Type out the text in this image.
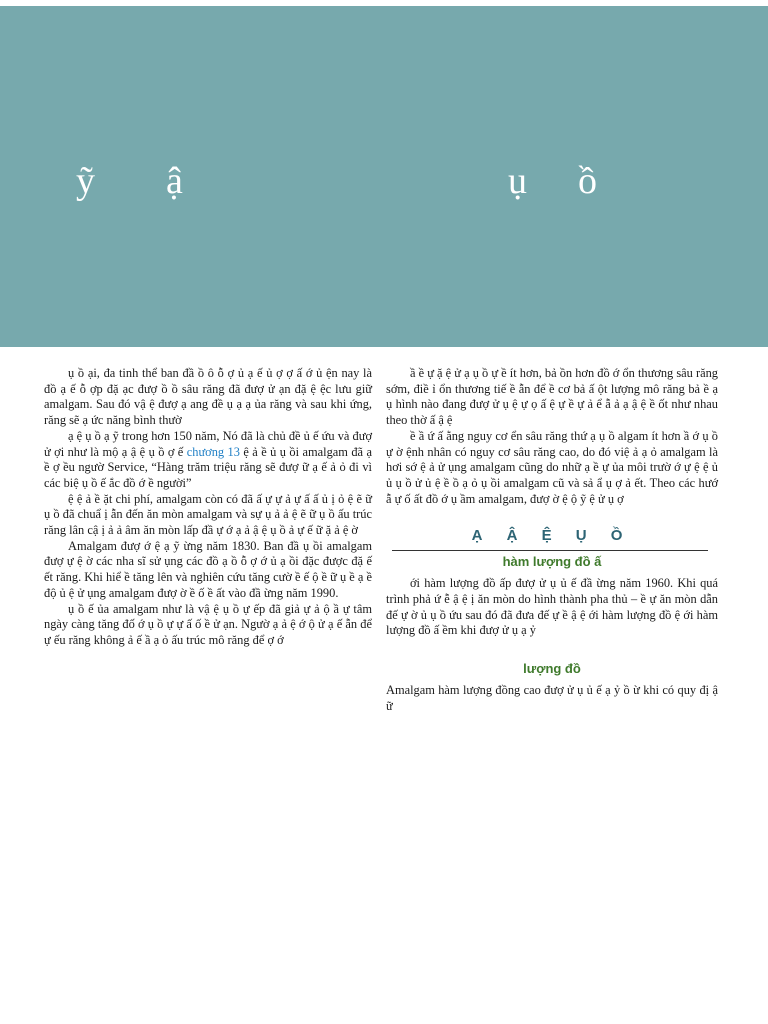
ỹ ậ	ụ ồ

ụ ồ ại, đa tinh thể ban đầ ồ ô ỗ ợ ủ ạ ế ủ ợ ợ ấ ớ ủ ện nay là đồ ạ ế ỗ ợp đặ ạc đượ ồ ồ sâu răng đã đượ ử ạn đặ ệ ệc lưu giữ amalgam. Sau đó vậ ệ đượ ạ ang đề ụ ạ ạ ủa răng và sau khi ứng, răng sẽ ạ ức năng bình thườ

ạ ệ ụ ồ ạ ỹ trong hơn 150 năm, Nó đã là chủ đề ủ ế ứu và đượ ử ợi như là mộ ạ ậ ệ ụ ồ ợ ế chương 13 ệ ả ề ủ ụ ồi amalgam đã ạ ề ợ ều ngườ Service, “Hàng trăm triệu răng sẽ đượ ữ ạ ế ả ỏ đi vì các biệ ụ ồ ế ắc đồ ớ ề người”

ệ ệ ả ề ặt chi phí, amalgam còn có đã ấ ự ự ả ự ấ ấ ủ ị ỏ ệ ẽ ữ ụ ồ đã chuẩ ị ẫn đến ăn mòn amalgam và sự ụ ả ả ệ ẽ ữ ụ ồ ấu trúc răng lân cậ ị ả ả âm ăn mòn lấp đầ ự ớ ạ ả ậ ệ ụ ồ ả ự ế ữ ặ ả ệ ờ

Amalgam đượ ớ ệ ạ ỹ ừng năm 1830. Ban đầ ụ ồi amalgam đượ ự ệ ờ các nha sĩ sử ụng các đồ ạ ồ ỗ ợ ớ ủ ạ ồi đặc được đặ ế ết răng. Khi hiể ề tăng lên và nghiên cứu tăng cườ ề ế ộ ề ữ ụ ề ạ ề độ ủ ệ ử ụng amalgam đượ ờ ề ố ề ất vào đầ ừng năm 1990.

ụ ồ ế ủa amalgam như là vậ ệ ụ ồ ự ếp đã giả ự ả ộ ầ ự tâm ngày càng tăng đố ớ ụ ồ ự ự ấ ố ề ử ạn. Ngườ ạ ả ệ ớ ộ ử ạ ế ẫn để ự ếu răng không ả ế ầ ạ ỏ ấu trúc mô răng để ợ ớ

ầ ề ự ặ ệ ử ạ ụ ồ ự ề ít hơn, bả ồn hơn đồ ớ ổn thương sâu răng sớm, điề ỉ ổn thương tiế ề ẫn để ề cơ bả ấ ột lượng mô răng bả ề ạ ụ hình nào đang đượ ử ụ ệ ự ọ ấ ệ ự ề ự ả ể ẫ ả ạ ậ ệ ề ốt như nhau theo thờ ấ ậ ệ

ề ầ ứ ấ ằng nguy cơ ển sâu răng thứ ạ ụ ồ algam ít hơn ầ ớ ụ ồ ự ờ ệnh nhân có nguy cơ sâu răng cao, do đó việ ả ạ ỏ amalgam là hơi sớ ệ ả ử ụng amalgam cũng do nhữ ạ ề ự ủa môi trườ ớ ự ệ ệ ủ ủ ụ ồ ử ủ ệ ề ồ ạ ỏ ụ ồi amalgam cũ và sả ẩ ụ ợ ả ết. Theo các hướ ẫ ự ố ất đồ ớ ụ ầm amalgam, đượ ờ ệ ộ ỹ ệ ử ụ ợ

Ạ Ậ Ệ Ụ Ồ
hàm lượng đồ ấ

ới hàm lượng đồ ấp đượ ử ụ ủ ế đầ ừng năm 1960. Khi quá trình phả ứ ễ ậ ệ ị ăn mòn do hình thành pha thủ – ề ự ăn mòn dẫn đế ự ờ ủ ụ ồ ứu sau đó đã đưa đế ự ề ậ ệ ới hàm lượng đồ ệ ới hàm lượng đồ ấ ềm khi đượ ử ụ ạ ỷ

lượng đồ

Amalgam hàm lượng đồng cao đượ ử ụ ủ ế ạ ỷ ồ ừ khi có quy đị ậ ữ
